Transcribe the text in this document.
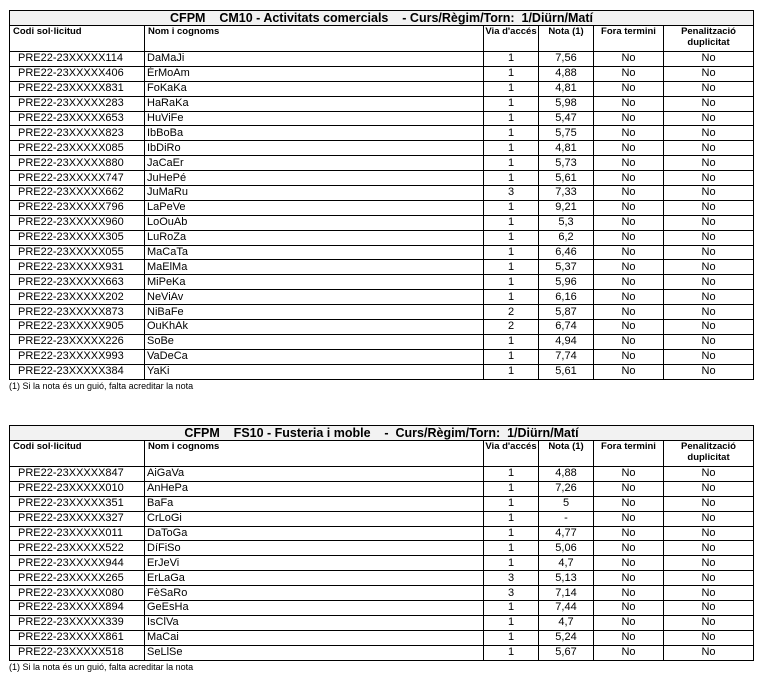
CFPM    CM10 - Activitats comercials    - Curs/Règim/Torn:  1/Diürn/Matí					
Codi sol·licitud	Nom i cognoms	Via d'accés	Nota (1)	Fora termini	Penalització duplicitat
PRE22-23XXXXX114	DaMaJi	1	7,56	No	No
PRE22-23XXXXX406	ÉrMoAm	1	4,88	No	No
PRE22-23XXXXX831	FoKaKa	1	4,81	No	No
PRE22-23XXXXX283	HaRaKa	1	5,98	No	No
PRE22-23XXXXX653	HuViFe	1	5,47	No	No
PRE22-23XXXXX823	IbBoBa	1	5,75	No	No
PRE22-23XXXXX085	IbDiRo	1	4,81	No	No
PRE22-23XXXXX880	JaCaEr	1	5,73	No	No
PRE22-23XXXXX747	JuHePé	1	5,61	No	No
PRE22-23XXXXX662	JuMaRu	3	7,33	No	No
PRE22-23XXXXX796	LaPeVe	1	9,21	No	No
PRE22-23XXXXX960	LoOuAb	1	5,3	No	No
PRE22-23XXXXX305	LuRoZa	1	6,2	No	No
PRE22-23XXXXX055	MaCaTa	1	6,46	No	No
PRE22-23XXXXX931	MaElMa	1	5,37	No	No
PRE22-23XXXXX663	MiPeKa	1	5,96	No	No
PRE22-23XXXXX202	NeViAv	1	6,16	No	No
PRE22-23XXXXX873	NiBaFe	2	5,87	No	No
PRE22-23XXXXX905	OuKhAk	2	6,74	No	No
PRE22-23XXXXX226	SoBe	1	4,94	No	No
PRE22-23XXXXX993	VaDeCa	1	7,74	No	No
PRE22-23XXXXX384	YaKi	1	5,61	No	No
(1) Si la nota és un guió, falta acreditar la nota
CFPM    FS10 - Fusteria i moble    -  Curs/Règim/Torn:  1/Diürn/Matí					
Codi sol·licitud	Nom i cognoms	Via d'accés	Nota (1)	Fora termini	Penalització duplicitat
PRE22-23XXXXX847	AiGaVa	1	4,88	No	No
PRE22-23XXXXX010	AnHePa	1	7,26	No	No
PRE22-23XXXXX351	BaFa	1	5	No	No
PRE22-23XXXXX327	CrLoGi	1	-	No	No
PRE22-23XXXXX011	DaToGa	1	4,77	No	No
PRE22-23XXXXX522	DíFiSo	1	5,06	No	No
PRE22-23XXXXX944	ErJeVi	1	4,7	No	No
PRE22-23XXXXX265	ErLaGa	3	5,13	No	No
PRE22-23XXXXX080	FèSaRo	3	7,14	No	No
PRE22-23XXXXX894	GeEsHa	1	7,44	No	No
PRE22-23XXXXX339	IsClVa	1	4,7	No	No
PRE22-23XXXXX861	MaCai	1	5,24	No	No
PRE22-23XXXXX518	SeLlSe	1	5,67	No	No
(1) Si la nota és un guió, falta acreditar la nota
